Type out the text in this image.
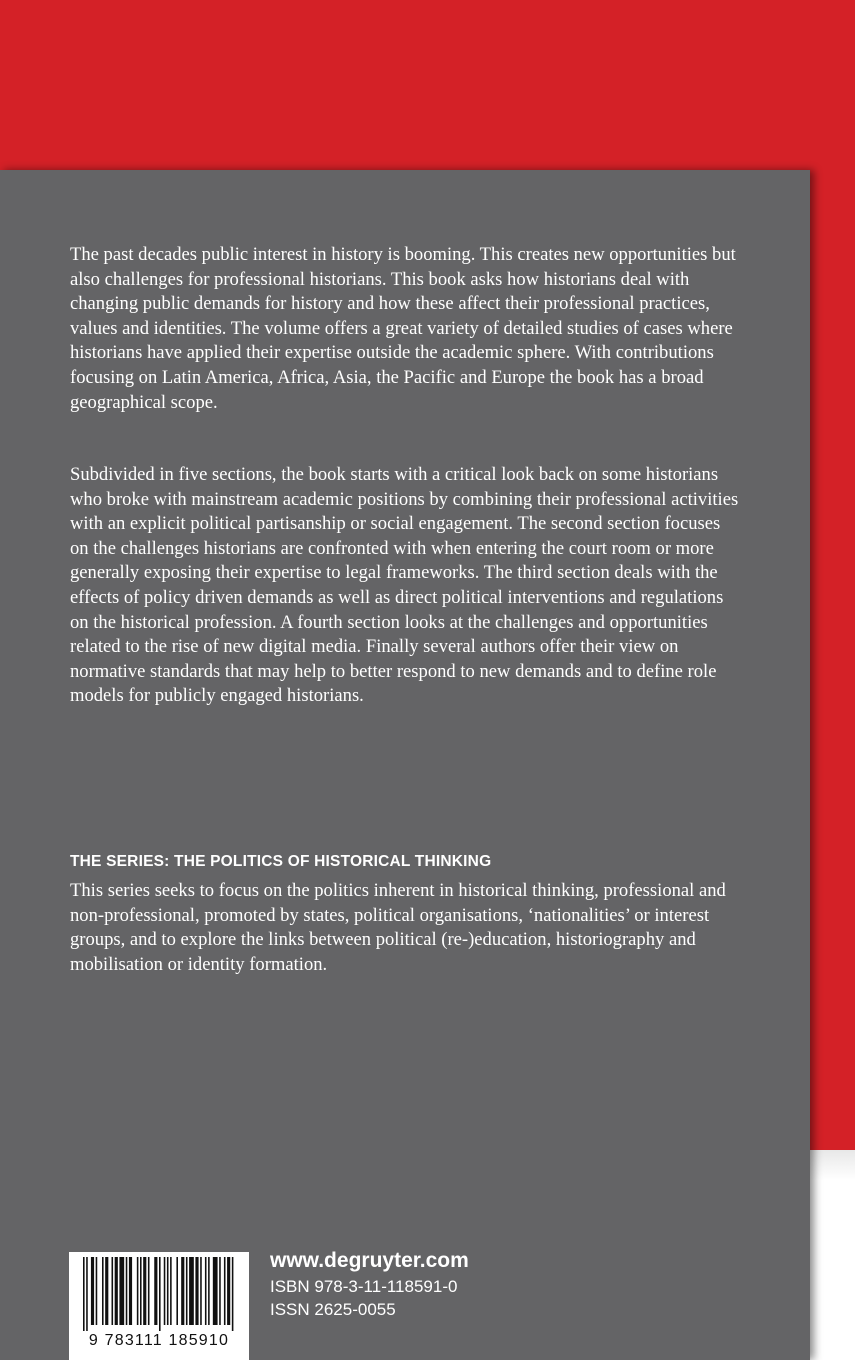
The past decades public interest in history is booming. This creates new opportunities but also challenges for professional historians. This book asks how historians deal with changing public demands for history and how these affect their professional practices, values and identities. The volume offers a great variety of detailed studies of cases where historians have applied their expertise outside the academic sphere. With contributions focusing on Latin America, Africa, Asia, the Pacific and Europe the book has a broad geographical scope.

Subdivided in five sections, the book starts with a critical look back on some historians who broke with mainstream academic positions by combining their professional activities with an explicit political partisanship or social engagement. The second section focuses on the challenges historians are confronted with when entering the court room or more generally exposing their expertise to legal frameworks. The third section deals with the effects of policy driven demands as well as direct political interventions and regulations on the historical profession. A fourth section looks at the challenges and opportunities related to the rise of new digital media. Finally several authors offer their view on normative standards that may help to better respond to new demands and to define role models for publicly engaged historians.

THE SERIES: THE POLITICS OF HISTORICAL THINKING

This series seeks to focus on the politics inherent in historical thinking, professional and non-professional, promoted by states, political organisations, ‘nationalities’ or interest groups, and to explore the links between political (re-)education, historiography and mobilisation or identity formation.

9 783111 185910
www.degruyter.com
ISBN 978-3-11-118591-0
ISSN 2625-0055
